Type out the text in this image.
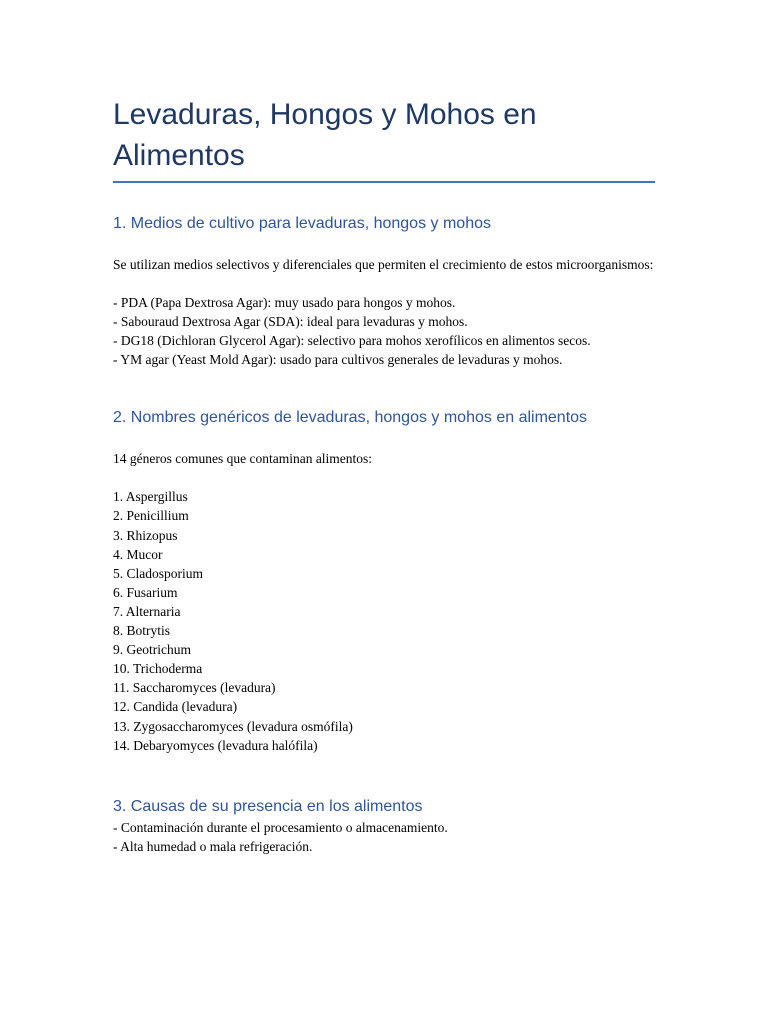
Levaduras, Hongos y Mohos en Alimentos
1. Medios de cultivo para levaduras, hongos y mohos

Se utilizan medios selectivos y diferenciales que permiten el crecimiento de estos microorganismos:

- PDA (Papa Dextrosa Agar): muy usado para hongos y mohos.
- Sabouraud Dextrosa Agar (SDA): ideal para levaduras y mohos.
- DG18 (Dichloran Glycerol Agar): selectivo para mohos xerofílicos en alimentos secos.
- YM agar (Yeast Mold Agar): usado para cultivos generales de levaduras y mohos.
2. Nombres genéricos de levaduras, hongos y mohos en alimentos

14 géneros comunes que contaminan alimentos:

1. Aspergillus
2. Penicillium
3. Rhizopus
4. Mucor
5. Cladosporium
6. Fusarium
7. Alternaria
8. Botrytis
9. Geotrichum
10. Trichoderma
11. Saccharomyces (levadura)
12. Candida (levadura)
13. Zygosaccharomyces (levadura osmófila)
14. Debaryomyces (levadura halófila)
3. Causas de su presencia en los alimentos
- Contaminación durante el procesamiento o almacenamiento.
- Alta humedad o mala refrigeración.
